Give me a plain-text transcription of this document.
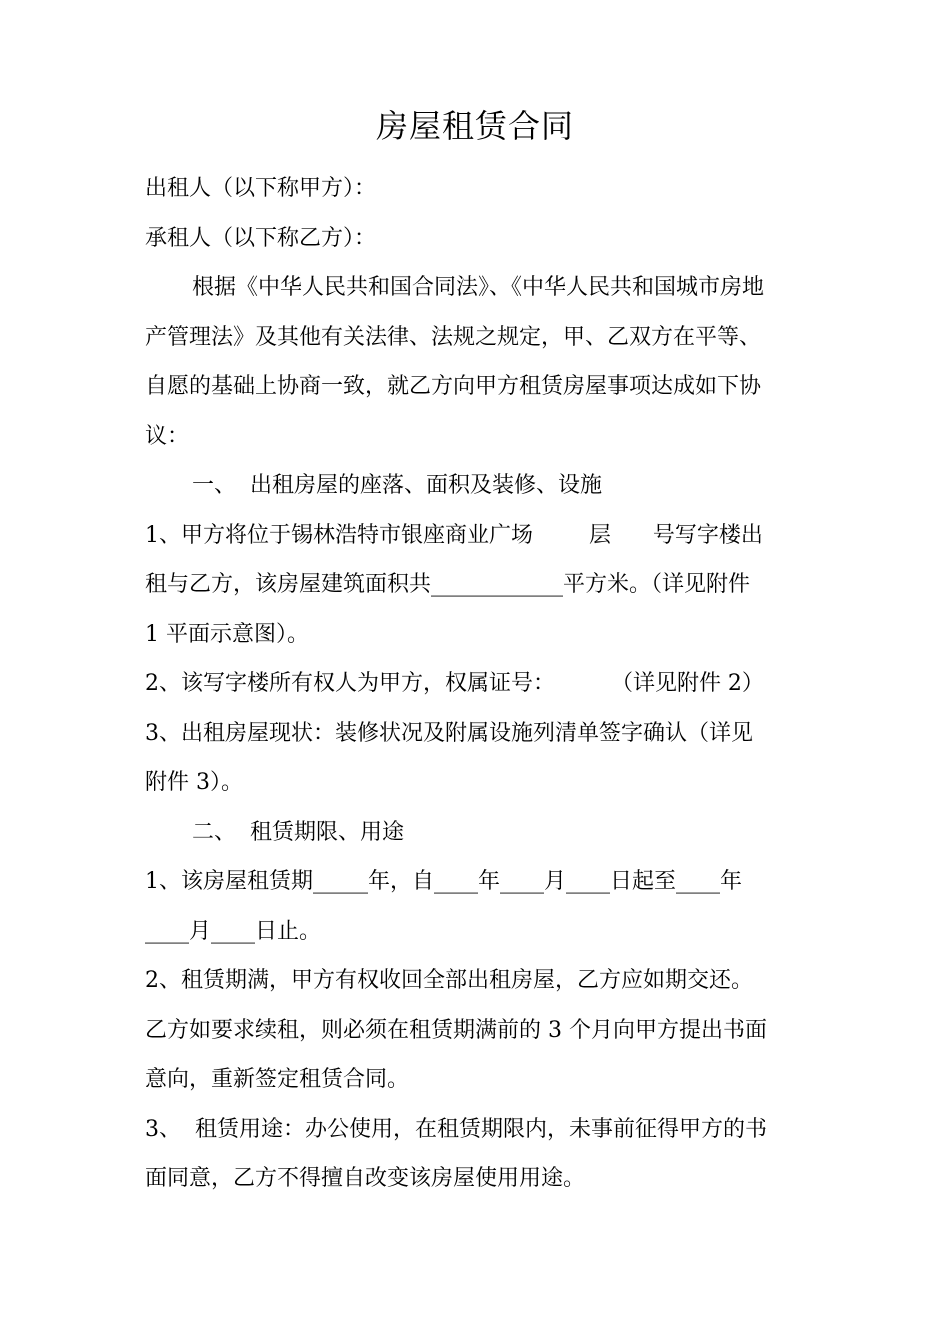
房屋租赁合同
出租人（以下称甲方）：
承租人（以下称乙方）：
根据《中华人民共和国合同法》、《中华人民共和国城市房地
产管理法》及其他有关法律、法规之规定，甲、乙双方在平等、
自愿的基础上协商一致，就乙方向甲方租赁房屋事项达成如下协
议：
一、  出租房屋的座落、面积及装修、设施
1、甲方将位于锡林浩特市银座商业广场        层      号写字楼出
租与乙方，该房屋建筑面积共____________平方米。（详见附件
1 平面示意图）。
2、该写字楼所有权人为甲方，权属证号：        （详见附件 2）
3、出租房屋现状：装修状况及附属设施列清单签字确认（详见
附件 3）。
二、  租赁期限、用途
1、该房屋租赁期_____年，自____年____月____日起至____年
____月____日止。
2、租赁期满，甲方有权收回全部出租房屋，乙方应如期交还。
乙方如要求续租，则必须在租赁期满前的 3 个月向甲方提出书面
意向，重新签定租赁合同。
3、  租赁用途：办公使用，在租赁期限内，未事前征得甲方的书
面同意，乙方不得擅自改变该房屋使用用途。
